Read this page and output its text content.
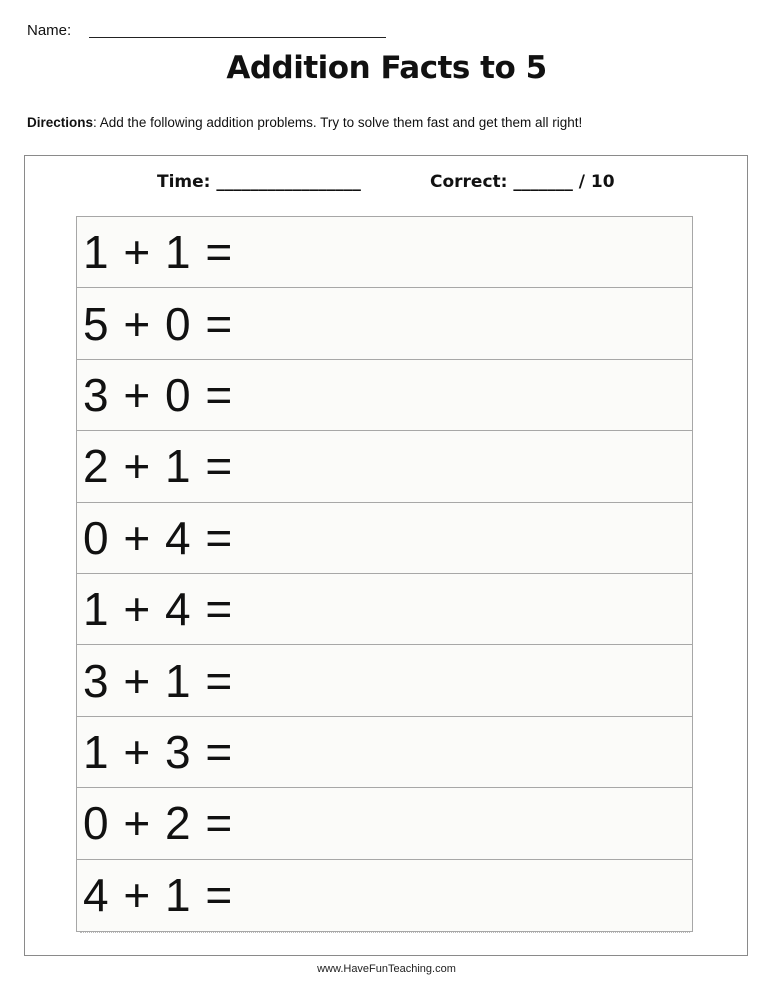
Name:
Addition Facts to 5
Directions: Add the following addition problems. Try to solve them fast and get them all right!
Time: _________________	Correct: _______ / 10
1 + 1 =
5 + 0 =
3 + 0 =
2 + 1 =
0 + 4 =
1 + 4 =
3 + 1 =
1 + 3 =
0 + 2 =
4 + 1 =
www.HaveFunTeaching.com
